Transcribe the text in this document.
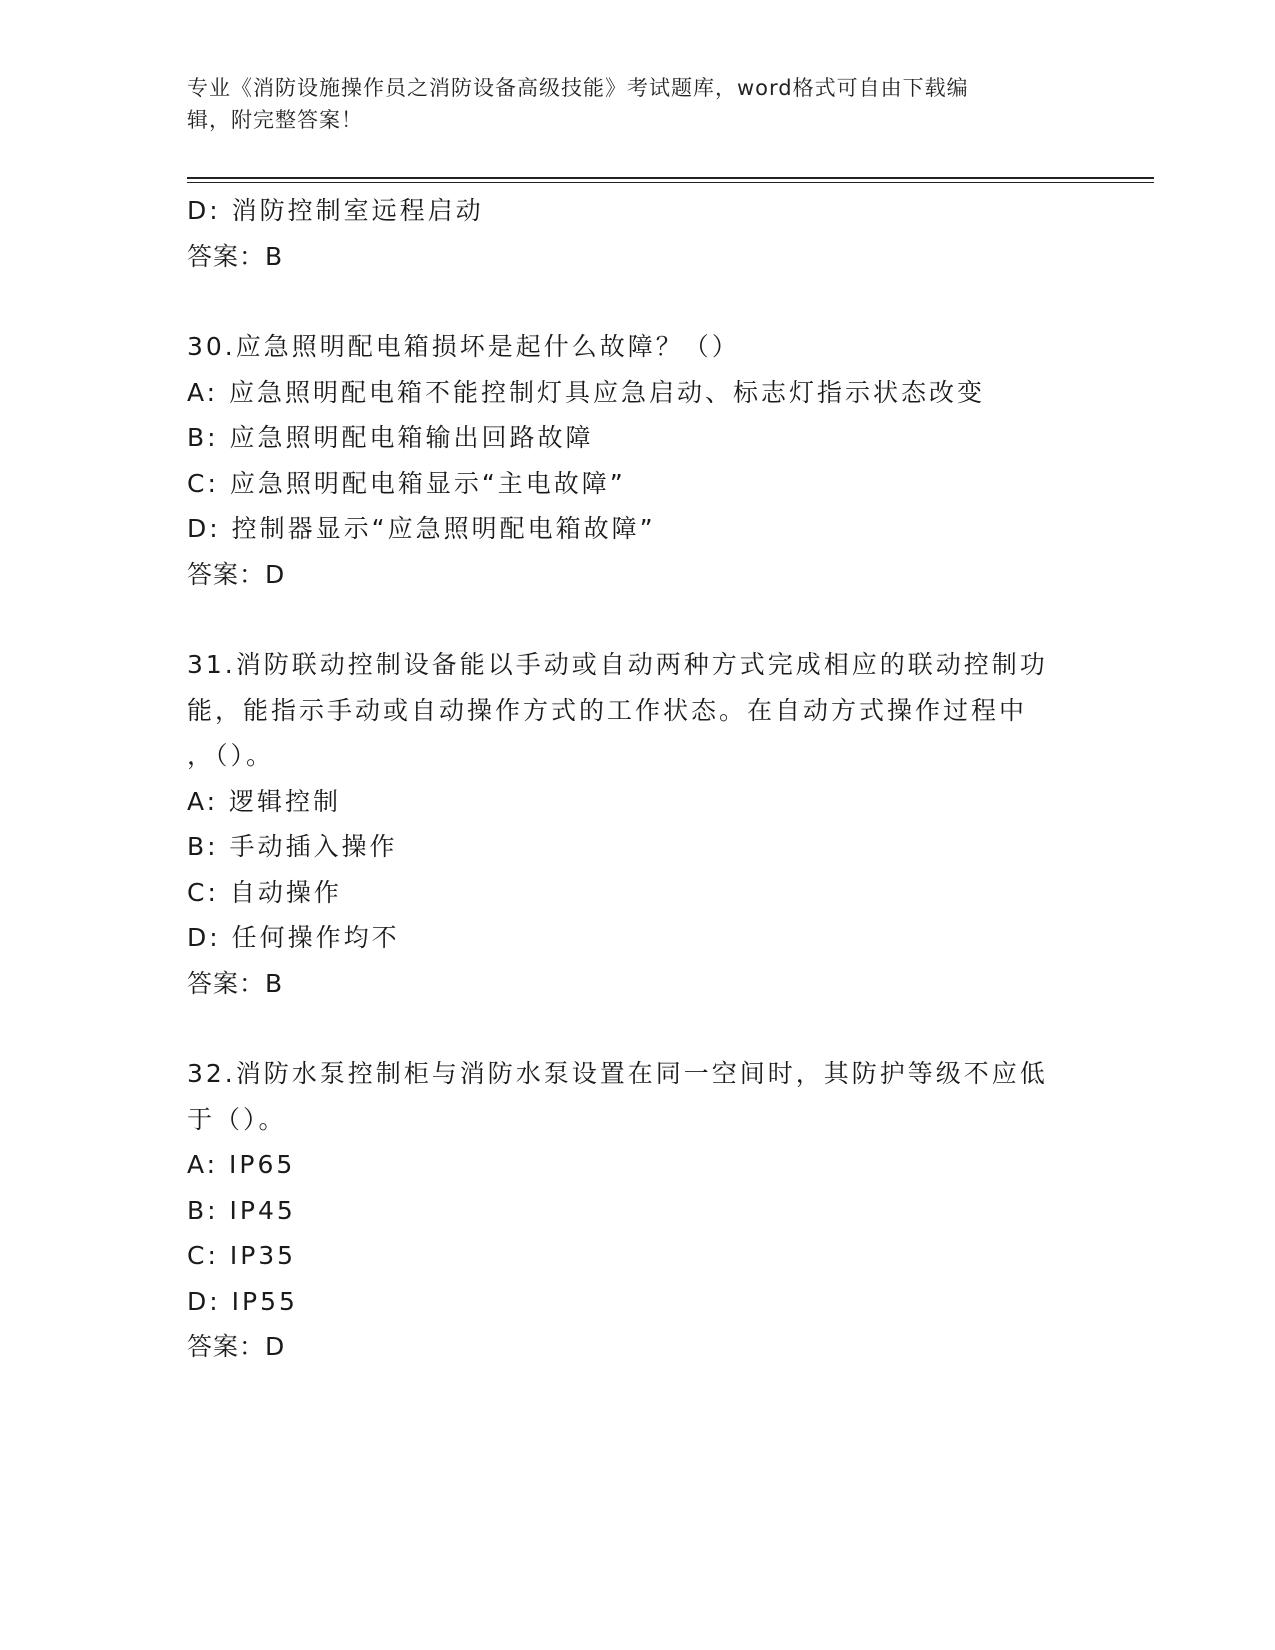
专业《消防设施操作员之消防设备高级技能》考试题库，word格式可自由下载编
辑，附完整答案！
D: 消防控制室远程启动
答案：B
30.应急照明配电箱损坏是起什么故障？（）
A: 应急照明配电箱不能控制灯具应急启动、标志灯指示状态改变
B: 应急照明配电箱输出回路故障
C: 应急照明配电箱显示“主电故障”
D: 控制器显示“应急照明配电箱故障”
答案：D
31.消防联动控制设备能以手动或自动两种方式完成相应的联动控制功
能，能指示手动或自动操作方式的工作状态。在自动方式操作过程中
，（）。
A: 逻辑控制
B: 手动插入操作
C: 自动操作
D: 任何操作均不
答案：B
32.消防水泵控制柜与消防水泵设置在同一空间时，其防护等级不应低
于（）。
A: IP65
B: IP45
C: IP35
D: IP55
答案：D
